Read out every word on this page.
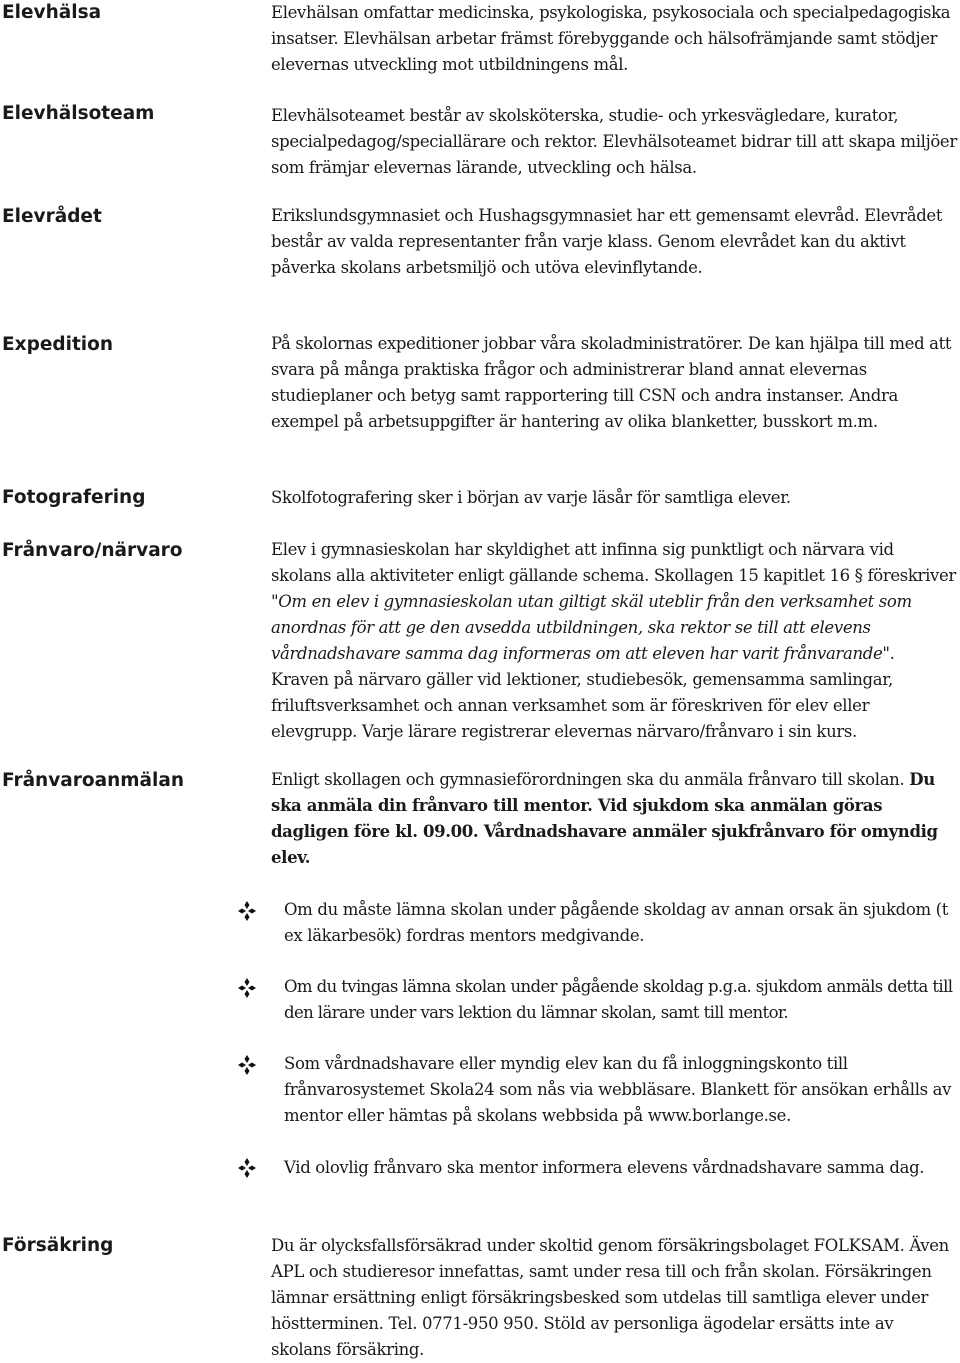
Elevhälsa	Elevhälsan omfattar medicinska, psykologiska, psykosociala och specialpedagogiska insatser. Elevhälsan arbetar främst förebyggande och hälsofrämjande samt stödjer elevernas utveckling mot utbildningens mål.

Elevhälsoteam	Elevhälsoteamet består av skolsköterska, studie- och yrkesvägledare, kurator, specialpedagog/speciallärare och rektor. Elevhälsoteamet bidrar till att skapa miljöer som främjar elevernas lärande, utveckling och hälsa.

Elevrådet	Erikslundsgymnasiet och Hushagsgymnasiet har ett gemensamt elevråd. Elevrådet består av valda representanter från varje klass. Genom elevrådet kan du aktivt påverka skolans arbetsmiljö och utöva elevinflytande.

Expedition	På skolornas expeditioner jobbar våra skoladministratörer. De kan hjälpa till med att svara på många praktiska frågor och administrerar bland annat elevernas studieplaner och betyg samt rapportering till CSN och andra instanser. Andra exempel på arbetsuppgifter är hantering av olika blanketter, busskort m.m.

Fotografering	Skolfotografering sker i början av varje läsår för samtliga elever.

Frånvaro/närvaro	Elev i gymnasieskolan har skyldighet att infinna sig punktligt och närvara vid skolans alla aktiviteter enligt gällande schema. Skollagen 15 kapitlet 16 § föreskriver "Om en elev i gymnasieskolan utan giltigt skäl uteblir från den verksamhet som anordnas för att ge den avsedda utbildningen, ska rektor se till att elevens vårdnadshavare samma dag informeras om att eleven har varit frånvarande". Kraven på närvaro gäller vid lektioner, studiebesök, gemensamma samlingar, friluftsverksamhet och annan verksamhet som är föreskriven för elev eller elevgrupp. Varje lärare registrerar elevernas närvaro/frånvaro i sin kurs.

Frånvaroanmälan	Enligt skollagen och gymnasieförordningen ska du anmäla frånvaro till skolan. Du ska anmäla din frånvaro till mentor. Vid sjukdom ska anmälan göras dagligen före kl. 09.00. Vårdnadshavare anmäler sjukfrånvaro för omyndig elev.

Om du måste lämna skolan under pågående skoldag av annan orsak än sjukdom (t ex läkarbesök) fordras mentors medgivande.

Om du tvingas lämna skolan under pågående skoldag p.g.a. sjukdom anmäls detta till den lärare under vars lektion du lämnar skolan, samt till mentor.

Som vårdnadshavare eller myndig elev kan du få inloggningskonto till frånvarosystemet Skola24 som nås via webbläsare. Blankett för ansökan erhålls av mentor eller hämtas på skolans webbsida på www.borlange.se.

Vid olovlig frånvaro ska mentor informera elevens vårdnadshavare samma dag.

Försäkring	Du är olycksfallsförsäkrad under skoltid genom försäkringsbolaget FOLKSAM. Även APL och studieresor innefattas, samt under resa till och från skolan. Försäkringen lämnar ersättning enligt försäkringsbesked som utdelas till samtliga elever under höstterminen. Tel. 0771-950 950. Stöld av personliga ägodelar ersätts inte av skolans försäkring.
